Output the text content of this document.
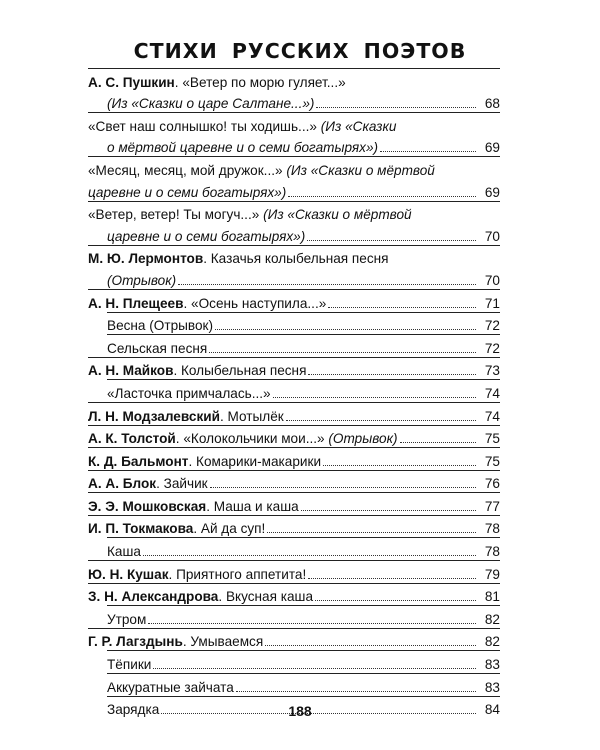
СТИХИ РУССКИХ ПОЭТОВ
А. С. Пушкин. «Ветер по морю гуляет...»
(Из «Сказки о царе Салтане...»)	68
«Свет наш солнышко! ты ходишь...» (Из «Сказки
о мёртвой царевне и о семи богатырях»)	69
«Месяц, месяц, мой дружок...» (Из «Сказки о мёртвой
царевне и о семи богатырях»)	69
«Ветер, ветер! Ты могуч...» (Из «Сказки о мёртвой
царевне и о семи богатырях»)	70
М. Ю. Лермонтов. Казачья колыбельная песня
(Отрывок)	70
А. Н. Плещеев. «Осень наступила...»	71
Весна (Отрывок)	72
Сельская песня	72
А. Н. Майков. Колыбельная песня	73
«Ласточка примчалась...»	74
Л. Н. Модзалевский. Мотылёк	74
А. К. Толстой. «Колокольчики мои...» (Отрывок)	75
К. Д. Бальмонт. Комарики-макарики	75
А. А. Блок. Зайчик	76
Э. Э. Мошковская. Маша и каша	77
И. П. Токмакова. Ай да суп!	78
Каша	78
Ю. Н. Кушак. Приятного аппетита!	79
З. Н. Александрова. Вкусная каша	81
Утром	82
Г. Р. Лагздынь. Умываемся	82
Тёпики	83
Аккуратные зайчата	83
Зарядка	84
188
